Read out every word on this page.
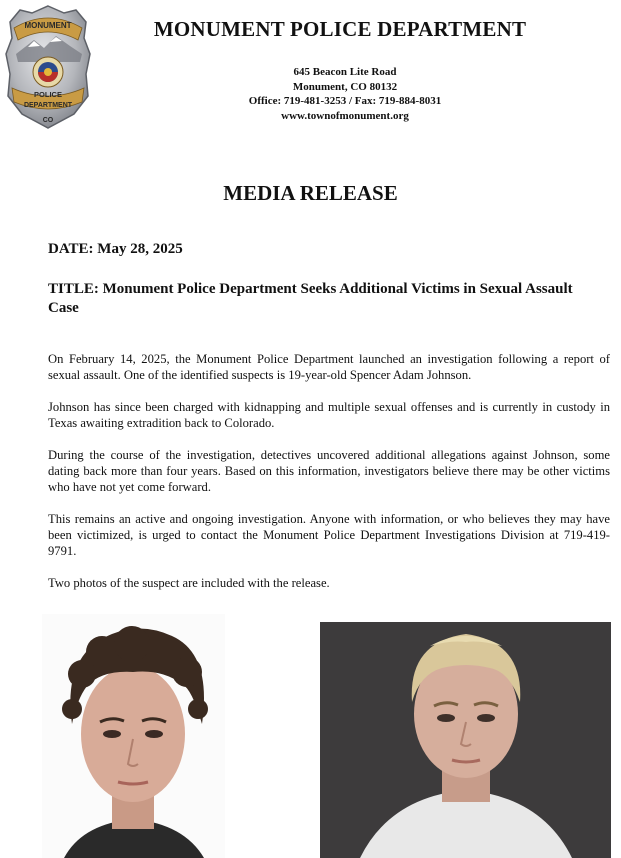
MONUMENT
POLICE
DEPARTMENT
CO
MONUMENT POLICE DEPARTMENT
645 Beacon Lite Road
Monument, CO 80132
Office: 719-481-3253 / Fax: 719-884-8031
www.townofmonument.org
MEDIA RELEASE
DATE: May 28, 2025
TITLE: Monument Police Department Seeks Additional Victims in Sexual Assault Case

On February 14, 2025, the Monument Police Department launched an investigation following a report of sexual assault. One of the identified suspects is 19-year-old Spencer Adam Johnson.

Johnson has since been charged with kidnapping and multiple sexual offenses and is currently in custody in Texas awaiting extradition back to Colorado.

During the course of the investigation, detectives uncovered additional allegations against Johnson, some dating back more than four years. Based on this information, investigators believe there may be other victims who have not yet come forward.

This remains an active and ongoing investigation. Anyone with information, or who believes they may have been victimized, is urged to contact the Monument Police Department Investigations Division at 719-419-9791.

Two photos of the suspect are included with the release.
